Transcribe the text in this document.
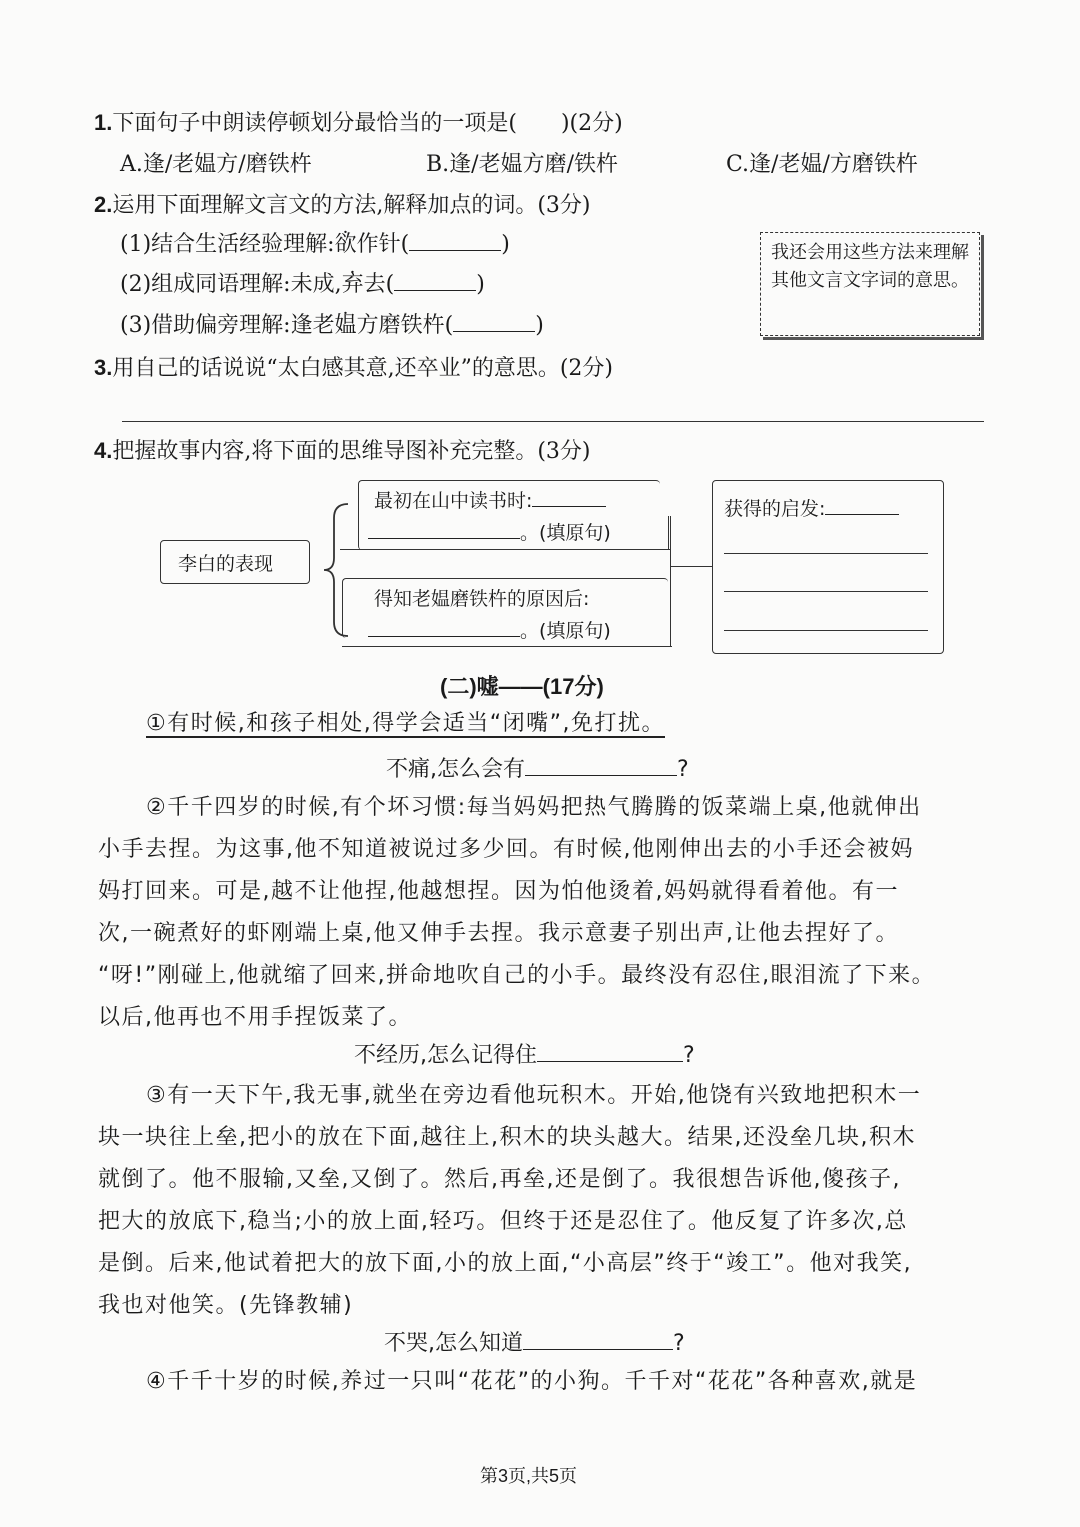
1.下面句子中朗读停顿划分最恰当的一项是(　　)(2分)
A.逢/老媪方/磨铁杵	B.逢/老媪方磨/铁杵	C.逢/老媪/方磨铁杵
2.运用下面理解文言文的方法,解释加点的词。(3分)
(1)结合生活经验理解:欲作针(	)
(2)组成同语理解:未成,弃去(	)
(3)借助偏旁理解:逢老媪方磨铁杵(	)
我还会用这些方法来理解其他文言文字词的意思。
3.用自己的话说说“太白感其意,还卒业”的意思。(2分)
4.把握故事内容,将下面的思维导图补充完整。(3分)
李白的表现
最初在山中读书时:
。(填原句)
得知老媪磨铁杵的原因后:
。(填原句)
获得的启发:
(二)嘘——(17分)
①有时候,和孩子相处,得学会适当“闭嘴”,免打扰。
不痛,怎么会有	?
②千千四岁的时候,有个坏习惯:每当妈妈把热气腾腾的饭菜端上桌,他就伸出
小手去捏。为这事,他不知道被说过多少回。有时候,他刚伸出去的小手还会被妈
妈打回来。可是,越不让他捏,他越想捏。因为怕他烫着,妈妈就得看着他。有一
次,一碗煮好的虾刚端上桌,他又伸手去捏。我示意妻子别出声,让他去捏好了。
“呀!”刚碰上,他就缩了回来,拼命地吹自己的小手。最终没有忍住,眼泪流了下来。
以后,他再也不用手捏饭菜了。
不经历,怎么记得住	?
③有一天下午,我无事,就坐在旁边看他玩积木。开始,他饶有兴致地把积木一
块一块往上垒,把小的放在下面,越往上,积木的块头越大。结果,还没垒几块,积木
就倒了。他不服输,又垒,又倒了。然后,再垒,还是倒了。我很想告诉他,傻孩子,
把大的放底下,稳当;小的放上面,轻巧。但终于还是忍住了。他反复了许多次,总
是倒。后来,他试着把大的放下面,小的放上面,“小高层”终于“竣工”。他对我笑,
我也对他笑。(先锋教辅)
不哭,怎么知道	?
④千千十岁的时候,养过一只叫“花花”的小狗。千千对“花花”各种喜欢,就是
第3页,共5页
